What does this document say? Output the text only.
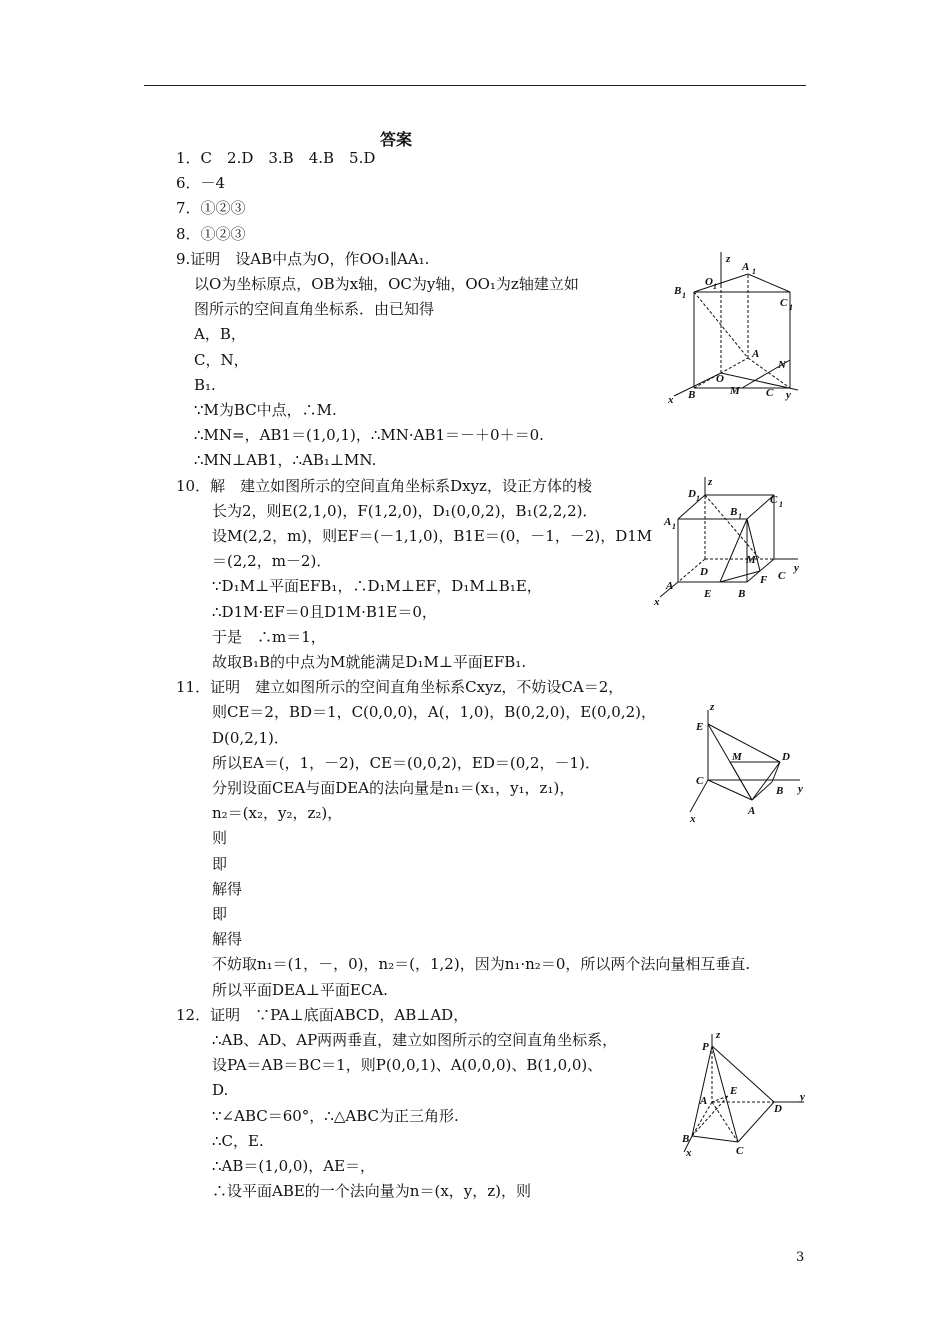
答案
1．C　2.D　3.B　4.B　5.D
6．－4
7．①②③
8．①②③
9.证明　设AB中点为O，作OO₁∥AA₁.
以O为坐标原点，OB为x轴，OC为y轴，OO₁为z轴建立如
图所示的空间直角坐标系．由已知得
A，B，
C，N，
B₁.
∵M为BC中点，∴M.
∴MN=，AB1＝(1,0,1)，∴MN·AB1＝－＋0＋＝0.
∴MN⊥AB1，∴AB₁⊥MN.
10．解　建立如图所示的空间直角坐标系Dxyz，设正方体的棱
长为2，则E(2,1,0)，F(1,2,0)，D₁(0,0,2)，B₁(2,2,2)．
设M(2,2，m)，则EF＝(－1,1,0)，B1E＝(0，－1，－2)，D1M
＝(2,2，m－2)．
∵D₁M⊥平面EFB₁，∴D₁M⊥EF，D₁M⊥B₁E，
∴D1M·EF＝0且D1M·B1E＝0，
于是　∴m＝1，
故取B₁B的中点为M就能满足D₁M⊥平面EFB₁.
11．证明　建立如图所示的空间直角坐标系Cxyz，不妨设CA＝2，
则CE＝2，BD＝1，C(0,0,0)，A(，1,0)，B(0,2,0)，E(0,0,2)，
D(0,2,1)．
所以EA＝(，1，－2)，CE＝(0,0,2)，ED＝(0,2，－1)．
分别设面CEA与面DEA的法向量是n₁＝(x₁，y₁，z₁)，
n₂＝(x₂，y₂，z₂)，
则
即
解得
即
解得
不妨取n₁＝(1，－，0)，n₂＝(，1,2)，因为n₁·n₂＝0，所以两个法向量相互垂直.
所以平面DEA⊥平面ECA.
12．证明　∵PA⊥底面ABCD，AB⊥AD，
∴AB、AD、AP两两垂直，建立如图所示的空间直角坐标系，
设PA＝AB＝BC＝1，则P(0,0,1)、A(0,0,0)、B(1,0,0)、
D.
∵∠ABC＝60°，∴△ABC为正三角形.
∴C，E.
∴AB＝(1,0,0)，AE＝，
∴设平面ABE的一个法向量为n＝(x，y，z)，则
z
A 1
O 1
B 1
C 1
A
N
O
x B	M C y
z
D 1	C 1
A 1
B 1
M
D	y
A	F C
x
E B
z
E
M	D
C
y
B
A
x
P
z
E
A
D
y
B
C
x
3
